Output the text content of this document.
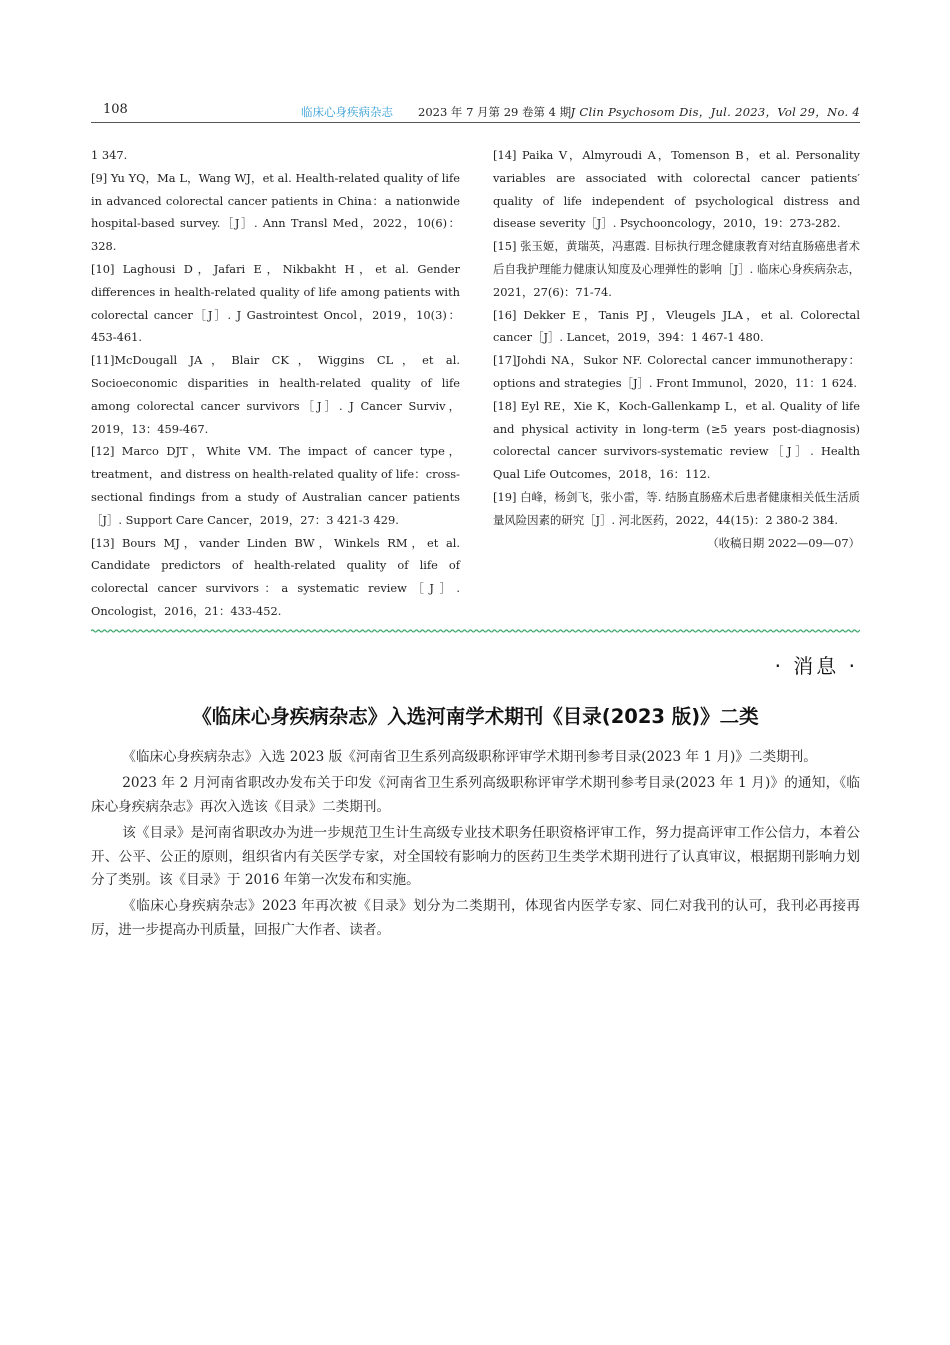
108	临床心身疾病杂志 2023 年 7 月第 29 卷第 4 期 J Clin Psychosom Dis，Jul. 2023，Vol 29，No. 4

1 347.

[9] Yu YQ，Ma L，Wang WJ，et al. Health-related quality of life in advanced colorectal cancer patients in China：a nationwide hospital-based survey.［J］. Ann Transl Med，2022，10(6)：328.

[10] Laghousi D，Jafari E，Nikbakht H，et al. Gender differences in health-related quality of life among patients with colorectal cancer［J］. J Gastrointest Oncol，2019，10(3)：453-461.

[11]McDougall JA，Blair CK，Wiggins CL，et al. Socioeconomic disparities in health-related quality of life among colorectal cancer survivors［J］. J Cancer Surviv，2019，13：459-467.

[12] Marco DJT，White VM. The impact of cancer type，treatment，and distress on health-related quality of life：cross-sectional findings from a study of Australian cancer patients［J］. Support Care Cancer，2019，27：3 421-3 429.

[13] Bours MJ，vander Linden BW，Winkels RM，et al. Candidate predictors of health-related quality of life of colorectal cancer survivors：a systematic review［J］. Oncologist，2016，21：433-452.

[14] Paika V，Almyroudi A，Tomenson B，et al. Personality variables are associated with colorectal cancer patients′ quality of life independent of psychological distress and disease severity［J］. Psychooncology，2010，19：273-282.

[15] 张玉姬，黄瑞英，冯惠霞. 目标执行理念健康教育对结直肠癌患者术后自我护理能力健康认知度及心理弹性的影响［J］. 临床心身疾病杂志，2021，27(6)：71-74.

[16] Dekker E，Tanis PJ，Vleugels JLA，et al. Colorectal cancer［J］. Lancet，2019，394：1 467-1 480.

[17]Johdi NA，Sukor NF. Colorectal cancer immunotherapy：options and strategies［J］. Front Immunol，2020，11：1 624.

[18] Eyl RE，Xie K，Koch-Gallenkamp L，et al. Quality of life and physical activity in long-term (≥5 years post-diagnosis) colorectal cancer survivors-systematic review［J］. Health Qual Life Outcomes，2018，16：112.

[19] 白峰，杨剑飞，张小雷，等. 结肠直肠癌术后患者健康相关低生活质量风险因素的研究［J］. 河北医药，2022，44(15)：2 380-2 384.

（收稿日期 2022—09—07）

· 消息 ·
《临床心身疾病杂志》入选河南学术期刊《目录(2023 版)》二类

《临床心身疾病杂志》入选 2023 版《河南省卫生系列高级职称评审学术期刊参考目录(2023 年 1 月)》二类期刊。

2023 年 2 月河南省职改办发布关于印发《河南省卫生系列高级职称评审学术期刊参考目录(2023 年 1 月)》的通知，《临床心身疾病杂志》再次入选该《目录》二类期刊。

该《目录》是河南省职改办为进一步规范卫生计生高级专业技术职务任职资格评审工作，努力提高评审工作公信力，本着公开、公平、公正的原则，组织省内有关医学专家，对全国较有影响力的医药卫生类学术期刊进行了认真审议，根据期刊影响力划分了类别。该《目录》于 2016 年第一次发布和实施。

《临床心身疾病杂志》2023 年再次被《目录》划分为二类期刊，体现省内医学专家、同仁对我刊的认可，我刊必再接再厉，进一步提高办刊质量，回报广大作者、读者。
